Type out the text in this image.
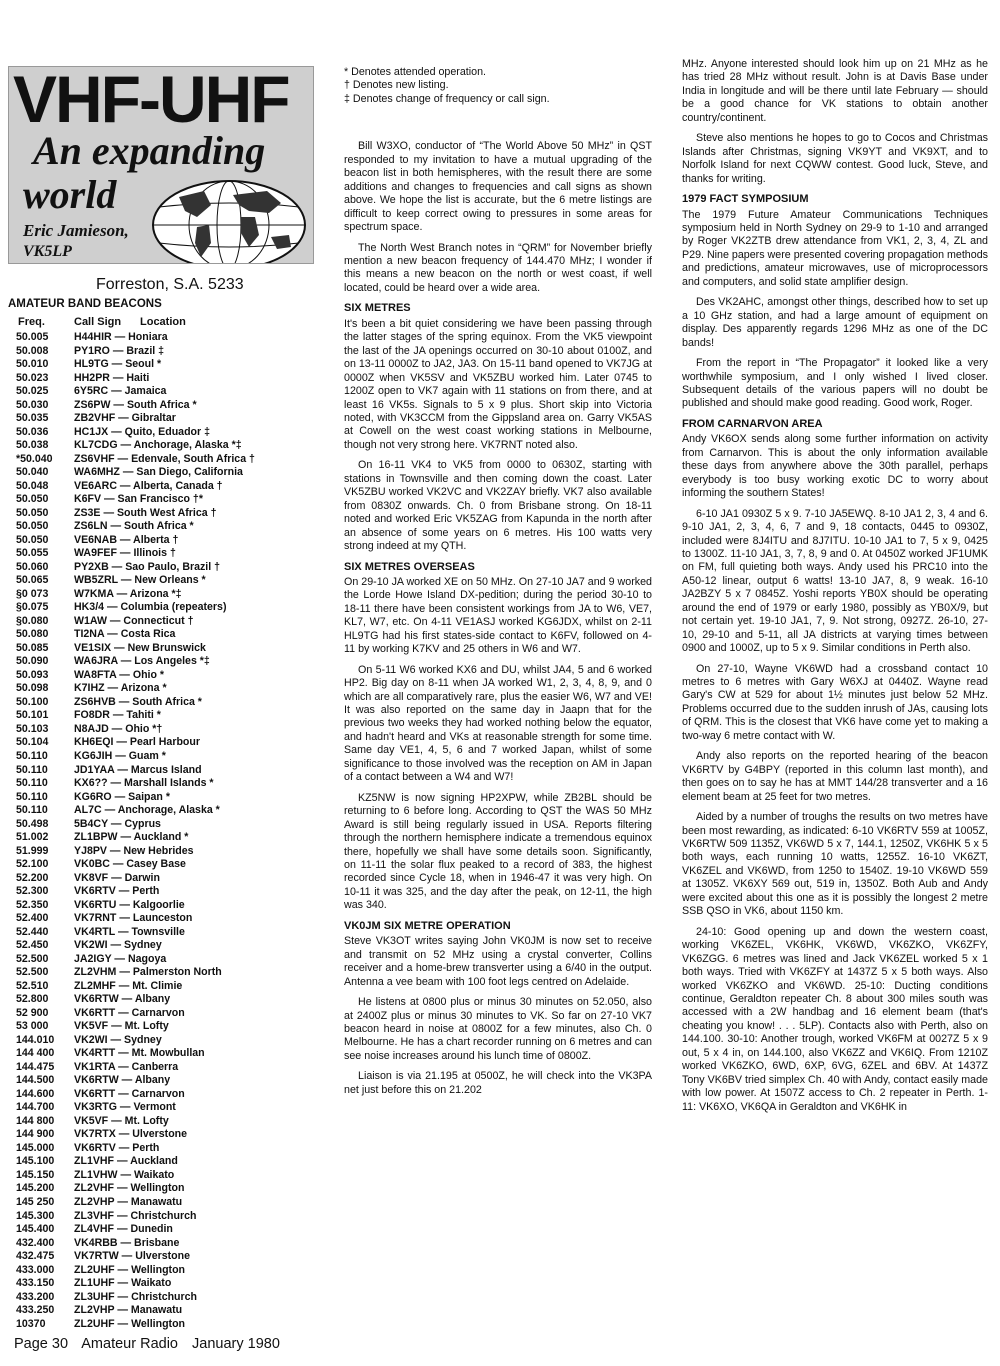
VHF-UHF
An expanding
world
Eric Jamieson,
VK5LP
Forreston, S.A. 5233
AMATEUR BAND BEACONS
Freq.	Call Sign Location
50.005 H44HIR — Honiara
50.008 PY1RO — Brazil ‡
50.010 HL9TG — Seoul *
50.023 HH2PR — Haiti
50.025 6Y5RC — Jamaica
50.030 ZS6PW — South Africa *
50.035 ZB2VHF — Gibraltar
50.036 HC1JX — Quito, Eduador ‡
50.038 KL7CDG — Anchorage, Alaska *‡
*50.040 ZS6VHF — Edenvale, South Africa †
50.040 WA6MHZ — San Diego, California
50.048 VE6ARC — Alberta, Canada †
50.050 K6FV — San Francisco †*
50.050 ZS3E — South West Africa †
50.050 ZS6LN — South Africa *
50.050 VE6NAB — Alberta †
50.055 WA9FEF — Illinois †
50.060 PY2XB — Sao Paulo, Brazil †
50.065 WB5ZRL — New Orleans *
§0 073 W7KMA — Arizona *‡
§0.075 HK3/4 — Columbia (repeaters)
§0.080 W1AW — Connecticut †
50.080 TI2NA — Costa Rica
50.085 VE1SIX — New Brunswick
50.090 WA6JRA — Los Angeles *‡
50.093 WA8FTA — Ohio *
50.098 K7IHZ — Arizona *
50.100 ZS6HVB — South Africa *
50.101 FO8DR — Tahiti *
50.103 N8AJD — Ohio *†
50.104 KH6EQI — Pearl Harbour
50.110 KG6JIH — Guam *
50.110 JD1YAA — Marcus Island
50.110 KX6?? — Marshall Islands *
50.110 KG6RO — Saipan *
50.110 AL7C — Anchorage, Alaska *
50.498 5B4CY — Cyprus
51.002 ZL1BPW — Auckland *
51.999 YJ8PV — New Hebrides
52.100 VK0BC — Casey Base
52.200 VK8VF — Darwin
52.300 VK6RTV — Perth
52.350 VK6RTU — Kalgoorlie
52.400 VK7RNT — Launceston
52.440 VK4RTL — Townsville
52.450 VK2WI — Sydney
52.500 JA2IGY — Nagoya
52.500 ZL2VHM — Palmerston North
52.510 ZL2MHF — Mt. Climie
52.800 VK6RTW — Albany
52 900 VK6RTT — Carnarvon
53 000 VK5VF — Mt. Lofty
144.010 VK2WI — Sydney
144 400 VK4RTT — Mt. Mowbullan
144.475 VK1RTA — Canberra
144.500 VK6RTW — Albany
144.600 VK6RTT — Carnarvon
144.700 VK3RTG — Vermont
144 800 VK5VF — Mt. Lofty
144 900 VK7RTX — Ulverstone
145.000 VK6RTV — Perth
145.100 ZL1VHF — Auckland
145.150 ZL1VHW — Waikato
145.200 ZL2VHF — Wellington
145 250 ZL2VHP — Manawatu
145.300 ZL3VHF — Christchurch
145.400 ZL4VHF — Dunedin
432.400 VK4RBB — Brisbane
432.475 VK7RTW — Ulverstone
433.000 ZL2UHF — Wellington
433.150 ZL1UHF — Waikato
433.200 ZL3UHF — Christchurch
433.250 ZL2VHP — Manawatu
10370	ZL2UHF — Wellington

* Denotes attended operation.

† Denotes new listing.

‡ Denotes change of frequency or call sign.

Bill W3XO, conductor of “The World Above 50 MHz” in QST responded to my invitation to have a mutual upgrading of the beacon list in both hemispheres, with the result there are some additions and changes to frequencies and call signs as shown above. We hope the list is accurate, but the 6 metre listings are difficult to keep correct owing to pressures in some areas for spectrum space.

The North West Branch notes in “QRM” for November briefly mention a new beacon frequency of 144.470 MHz; I wonder if this means a new beacon on the north or west coast, if well located, could be heard over a wide area.

SIX METRES

It's been a bit quiet considering we have been passing through the latter stages of the spring equinox. From the VK5 viewpoint the last of the JA openings occurred on 30-10 about 0100Z, and on 13-11 0000Z to JA2, JA3. On 15-11 band opened to VK7JG at 0000Z when VK5SV and VK5ZBU worked him. Later 0745 to 1200Z open to VK7 again with 11 stations on from there, and at least 16 VK5s. Signals to 5 x 9 plus. Short skip into Victoria noted, with VK3CCM from the Gippsland area on. Garry VK5AS at Cowell on the west coast working stations in Melbourne, though not very strong here. VK7RNT noted also.

On 16-11 VK4 to VK5 from 0000 to 0630Z, starting with stations in Townsville and then coming down the coast. Later VK5ZBU worked VK2VC and VK2ZAY briefly. VK7 also available from 0830Z onwards. Ch. 0 from Brisbane strong. On 18-11 noted and worked Eric VK5ZAG from Kapunda in the north after an absence of some years on 6 metres. His 100 watts very strong indeed at my QTH.

SIX METRES OVERSEAS

On 29-10 JA worked XE on 50 MHz. On 27-10 JA7 and 9 worked the Lorde Howe Island DX-pedition; during the period 30-10 to 18-11 there have been consistent workings from JA to W6, VE7, KL7, W7, etc. On 4-11 VE1ASJ worked KG6JDX, whilst on 2-11 HL9TG had his first states-side contact to K6FV, followed on 4-11 by working K7KV and 25 others in W6 and W7.

On 5-11 W6 worked KX6 and DU, whilst JA4, 5 and 6 worked HP2. Big day on 8-11 when JA worked W1, 2, 3, 4, 8, 9, and 0 which are all comparatively rare, plus the easier W6, W7 and VE! It was also reported on the same day in Jaapn that for the previous two weeks they had worked nothing below the equator, and hadn't heard and VKs at reasonable strength for some time. Same day VE1, 4, 5, 6 and 7 worked Japan, whilst of some significance to those involved was the reception on AM in Japan of a contact between a W4 and W7!

KZ5NW is now signing HP2XPW, while ZB2BL should be returning to 6 before long. According to QST the WAS 50 MHz Award is still being regularly issued in USA. Reports filtering through the northern hemisphere indicate a tremendous equinox there, hopefully we shall have some details soon. Significantly, on 11-11 the solar flux peaked to a record of 383, the highest recorded since Cycle 18, when in 1946-47 it was very high. On 10-11 it was 325, and the day after the peak, on 12-11, the high was 340.

VK0JM SIX METRE OPERATION

Steve VK3OT writes saying John VK0JM is now set to receive and transmit on 52 MHz using a crystal converter, Collins receiver and a home-brew transverter using a 6/40 in the output. Antenna a vee beam with 100 foot legs centred on Adelaide.

He listens at 0800 plus or minus 30 minutes on 52.050, also at 2400Z plus or minus 30 minutes to VK. So far on 27-10 VK7 beacon heard in noise at 0800Z for a few minutes, also Ch. 0 Melbourne. He has a chart recorder running on 6 metres and can see noise increases around his lunch time of 0800Z.

Liaison is via 21.195 at 0500Z, he will check into the VK3PA net just before this on 21.202

MHz. Anyone interested should look him up on 21 MHz as he has tried 28 MHz without result. John is at Davis Base under India in longitude and will be there until late February — should be a good chance for VK stations to obtain another country/continent.

Steve also mentions he hopes to go to Cocos and Christmas Islands after Christmas, signing VK9YT and VK9XT, and to Norfolk Island for next CQWW contest. Good luck, Steve, and thanks for writing.

1979 FACT SYMPOSIUM

The 1979 Future Amateur Communications Techniques symposium held in North Sydney on 29-9 to 1-10 and arranged by Roger VK2ZTB drew attendance from VK1, 2, 3, 4, ZL and P29. Nine papers were presented covering propagation methods and predictions, amateur microwaves, use of microprocessors and computers, and solid state amplifier design.

Des VK2AHC, amongst other things, described how to set up a 10 GHz station, and had a large amount of equipment on display. Des apparently regards 1296 MHz as one of the DC bands!

From the report in “The Propagator” it looked like a very worthwhile symposium, and I only wished I lived closer. Subsequent details of the various papers will no doubt be published and should make good reading. Good work, Roger.

FROM CARNARVON AREA

Andy VK6OX sends along some further information on activity from Carnarvon. This is about the only information available these days from anywhere above the 30th parallel, perhaps everybody is too busy working exotic DC to worry about informing the southern States!

6-10 JA1 0930Z 5 x 9. 7-10 JA5EWQ. 8-10 JA1 2, 3, 4 and 6. 9-10 JA1, 2, 3, 4, 6, 7 and 9, 18 contacts, 0445 to 0930Z, included were 8J4ITU and 8J7ITU. 10-10 JA1 to 7, 5 x 9, 0425 to 1300Z. 11-10 JA1, 3, 7, 8, 9 and 0. At 0450Z worked JF1UMK on FM, full quieting both ways. Andy used his PRC10 into the A50-12 linear, output 6 watts! 13-10 JA7, 8, 9 weak. 16-10 JA2BZY 5 x 7 0845Z. Yoshi reports YB0X should be operating around the end of 1979 or early 1980, possibly as YB0X/9, but not certain yet. 19-10 JA1, 7, 9. Not strong, 0927Z. 26-10, 27-10, 29-10 and 5-11, all JA districts at varying times between 0900 and 1000Z, up to 5 x 9. Similar conditions in Perth also.

On 27-10, Wayne VK6WD had a crossband contact 10 metres to 6 metres with Gary W6XJ at 0440Z. Wayne read Gary's CW at 529 for about 1½ minutes just below 52 MHz. Problems occurred due to the sudden inrush of JAs, causing lots of QRM. This is the closest that VK6 have come yet to making a two-way 6 metre contact with W.

Andy also reports on the reported hearing of the beacon VK6RTV by G4BPY (reported in this column last month), and then goes on to say he has at MMT 144/28 transverter and a 16 element beam at 25 feet for two metres.

Aided by a number of troughs the results on two metres have been most rewarding, as indicated: 6-10 VK6RTV 559 at 1005Z, VK6RTW 509 1135Z, VK6WD 5 x 7, 144.1, 1250Z, VK6HK 5 x 5 both ways, each running 10 watts, 1255Z. 16-10 VK6ZT, VK6ZEL and VK6WD, from 1250 to 1540Z. 19-10 VK6WD 559 at 1305Z. VK6XY 569 out, 519 in, 1350Z. Both Aub and Andy were excited about this one as it is possibly the longest 2 metre SSB QSO in VK6, about 1150 km.

24-10: Good opening up and down the western coast, working VK6ZEL, VK6HK, VK6WD, VK6ZKO, VK6ZFY, VK6ZGG. 6 metres was lined and Jack VK6ZEL worked 5 x 1 both ways. Tried with VK6ZFY at 1437Z 5 x 5 both ways. Also worked VK6ZKO and VK6WD. 25-10: Ducting conditions continue, Geraldton repeater Ch. 8 about 300 miles south was accessed with a 2W handbag and 16 element beam (that's cheating you know! . . . 5LP). Contacts also with Perth, also on 144.100. 30-10: Another trough, worked VK6FM at 0027Z 5 x 9 out, 5 x 4 in, on 144.100, also VK6ZZ and VK6IQ. From 1210Z worked VK6ZKO, 6WD, 6XP, 6VG, 6ZEL and 6BV. At 1437Z Tony VK6BV tried simplex Ch. 40 with Andy, contact easily made with low power. At 1507Z access to Ch. 2 repeater in Perth. 1-11: VK6XO, VK6QA in Geraldton and VK6HK in

Page 30 Amateur Radio January 1980
